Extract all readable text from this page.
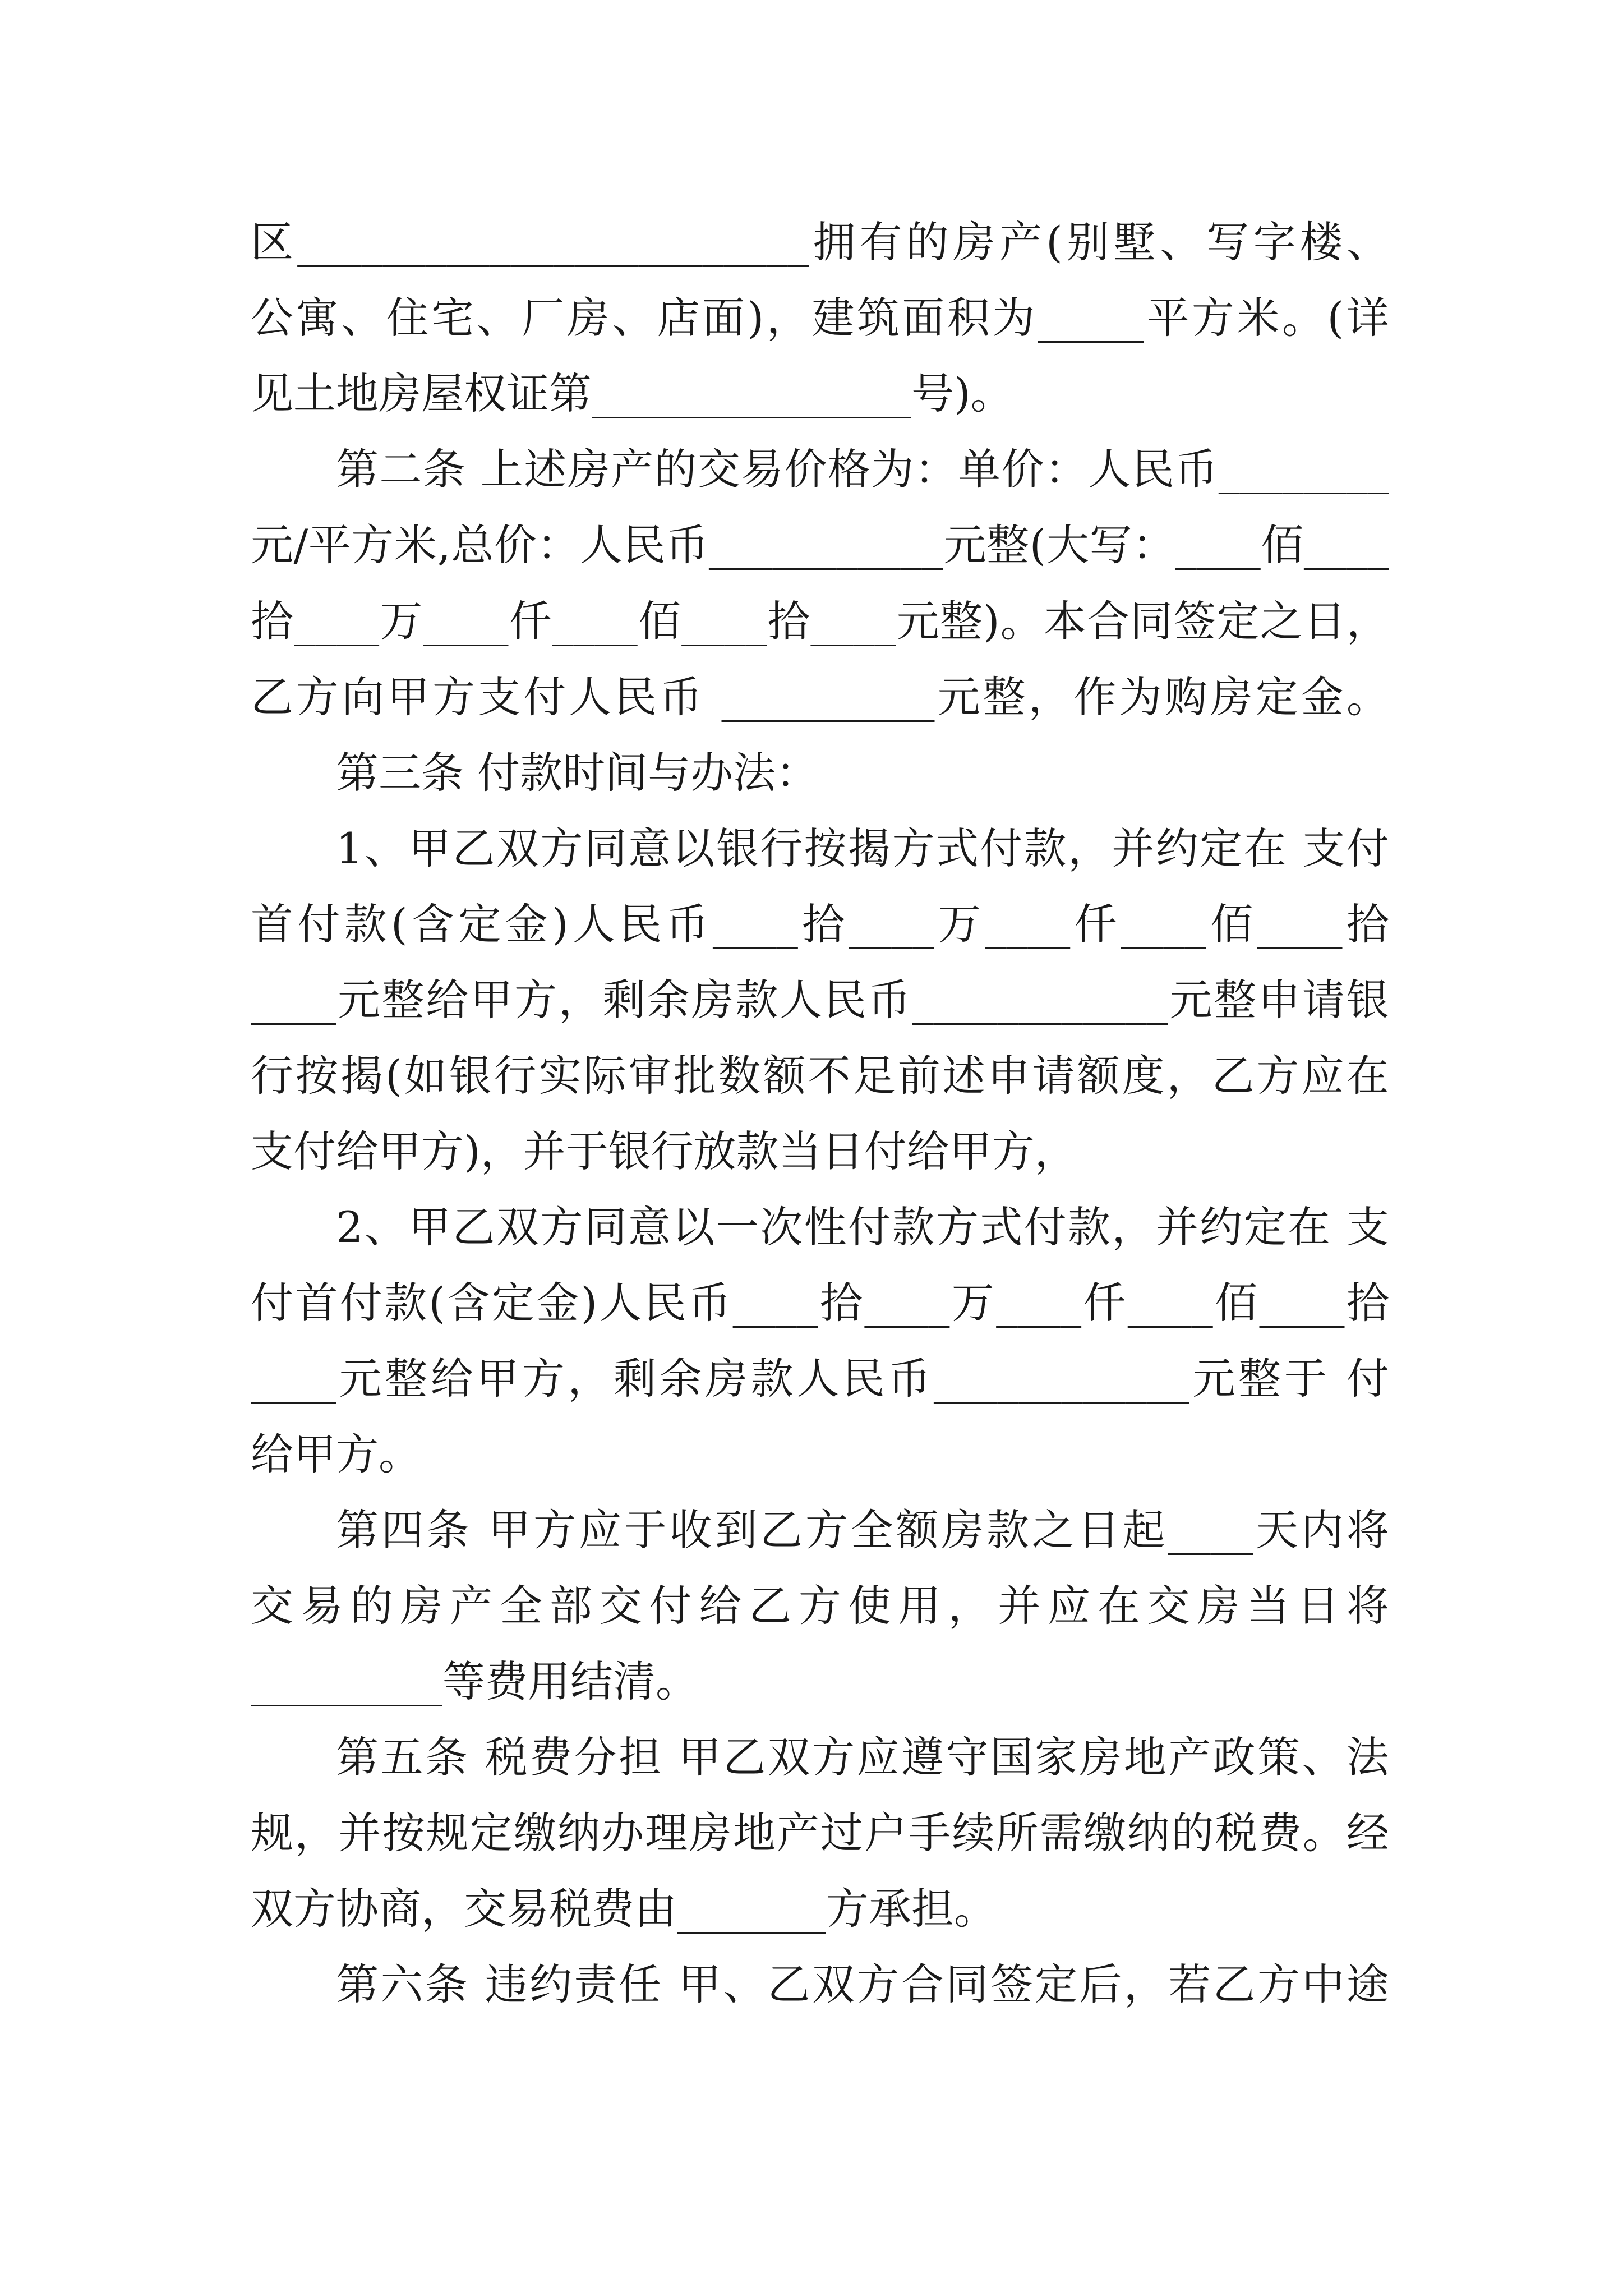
区 ________________________ 拥 有 的 房 产 ( 别 墅 、 写 字 楼 、
公 寓 、 住 宅 、 厂 房 、 店 面 ) ， 建 筑 面 积 为 _____ 平 方 米 。 ( 详
见土地房屋权证第_______________号)。
第 二 条
上 述 房 产 的 交 易 价 格 为 ： 单 价 ： 人 民 币 ________
元 / 平 方 米 , 总 价 ： 人 民 币 ___________ 元 整 ( 大 写 ： ____ 佰 ____
拾 ____ 万 ____ 仟 ____ 佰 ____ 拾 ____ 元 整 ) 。 本 合 同 签 定 之 日 ，
乙 方 向 甲 方 支 付 人 民 币
__________ 元 整 ， 作 为 购 房 定 金 。
第三条 付款时间与办法：
1 、 甲 乙 双 方 同 意 以 银 行 按 揭 方 式 付 款 ， 并 约 定 在
支 付
首 付 款 ( 含 定 金 ) 人 民 币 ____ 拾 ____ 万 ____ 仟 ____ 佰 ____ 拾
____ 元 整 给 甲 方 ， 剩 余 房 款 人 民 币 ____________ 元 整 申 请 银
行 按 揭 ( 如 银 行 实 际 审 批 数 额 不 足 前 述 申 请 额 度 ， 乙 方 应 在
支付给甲方)，并于银行放款当日付给甲方，
2 、 甲 乙 双 方 同 意 以 一 次 性 付 款 方 式 付 款 ， 并 约 定 在
支
付 首 付 款 ( 含 定 金 ) 人 民 币 ____ 拾 ____ 万 ____ 仟 ____ 佰 ____ 拾
____ 元 整 给 甲 方 ， 剩 余 房 款 人 民 币 ____________ 元 整 于
付
给甲方。
第 四 条
甲 方 应 于 收 到 乙 方 全 额 房 款 之 日 起 ____ 天 内 将
交 易 的 房 产 全 部 交 付 给 乙 方 使 用 ， 并 应 在 交 房 当 日 将
_________等费用结清。
第 五 条
税 费 分 担
甲 乙 双 方 应 遵 守 国 家 房 地 产 政 策 、 法
规 ， 并 按 规 定 缴 纳 办 理 房 地 产 过 户 手 续 所 需 缴 纳 的 税 费 。 经
双方协商，交易税费由_______方承担。
第 六 条
违 约 责 任
甲 、 乙 双 方 合 同 签 定 后 ， 若 乙 方 中 途
